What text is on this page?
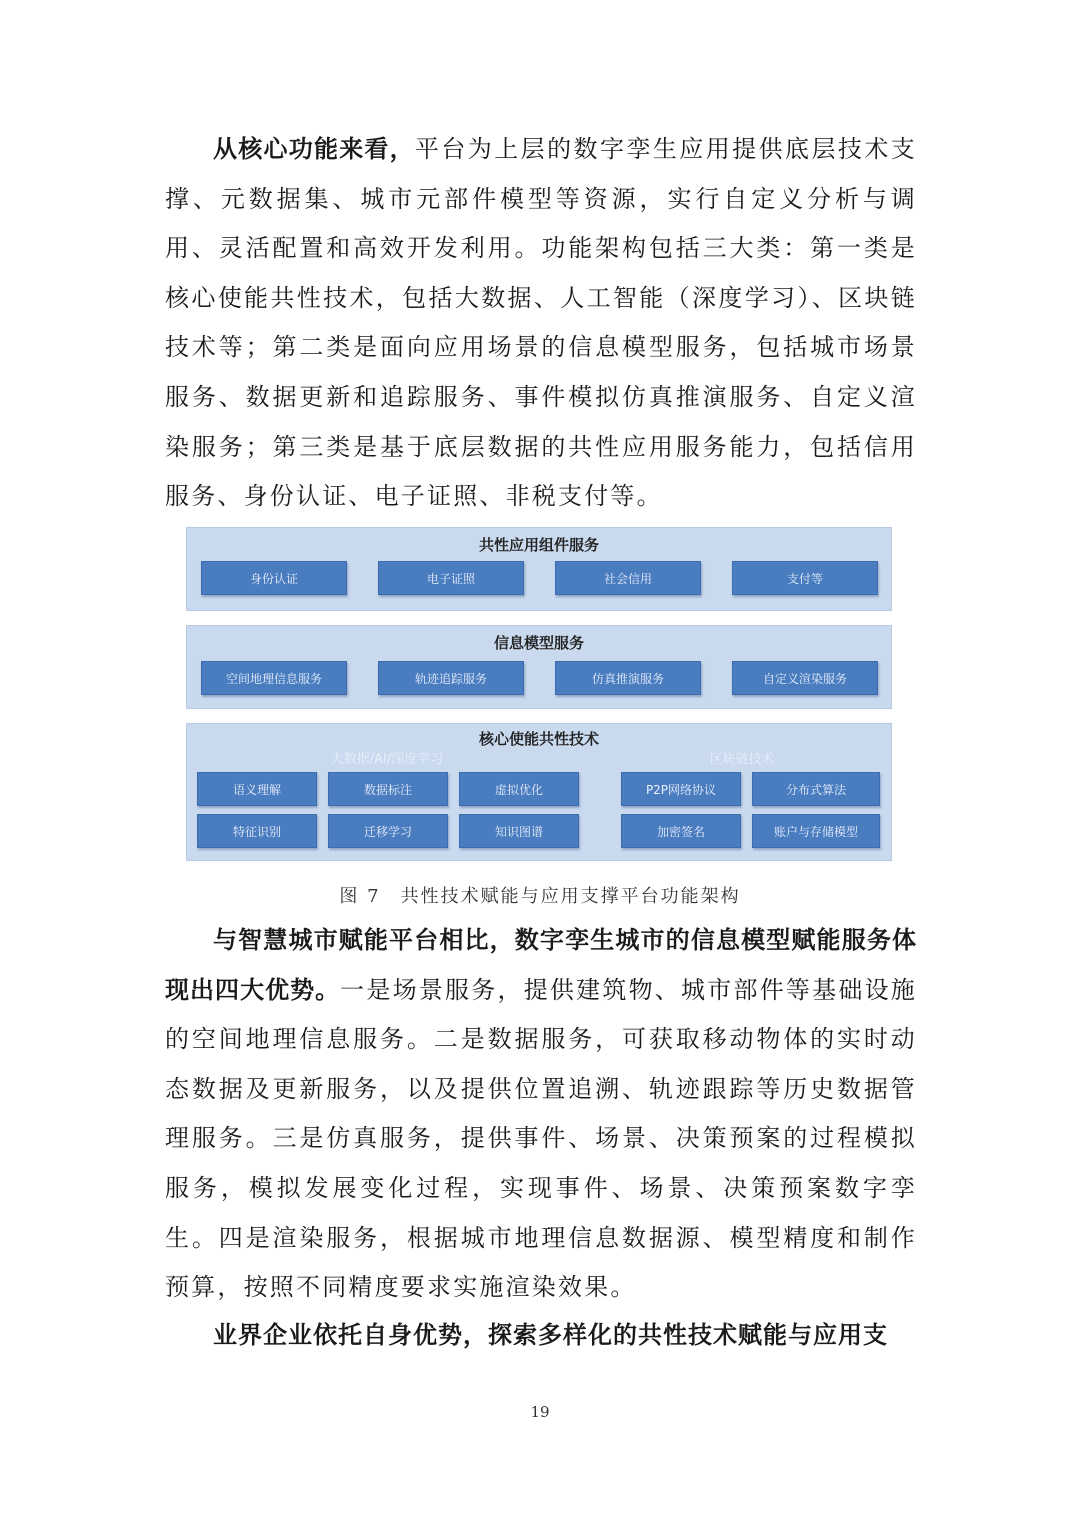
从核心功能来看，平台为上层的数字孪生应用提供底层技术支撑、元数据集、城市元部件模型等资源，实行自定义分析与调用、灵活配置和高效开发利用。功能架构包括三大类：第一类是核心使能共性技术，包括大数据、人工智能（深度学习）、区块链技术等；第二类是面向应用场景的信息模型服务，包括城市场景服务、数据更新和追踪服务、事件模拟仿真推演服务、自定义渲染服务；第三类是基于底层数据的共性应用服务能力，包括信用服务、身份认证、电子证照、非税支付等。

共性应用组件服务
身份认证	电子证照	社会信用	支付等
信息模型服务
空间地理信息服务	轨迹追踪服务	仿真推演服务	自定义渲染服务
核心使能共性技术
大数据/AI/深度学习	区块链技术
语义理解	数据标注	虚拟优化
特征识别	迁移学习	知识图谱
P2P网络协议	分布式算法
加密签名	账户与存储模型
图 7　共性技术赋能与应用支撑平台功能架构

与智慧城市赋能平台相比，数字孪生城市的信息模型赋能服务体现出四大优势。一是场景服务，提供建筑物、城市部件等基础设施的空间地理信息服务。二是数据服务，可获取移动物体的实时动态数据及更新服务，以及提供位置追溯、轨迹跟踪等历史数据管理服务。三是仿真服务，提供事件、场景、决策预案的过程模拟服务，模拟发展变化过程，实现事件、场景、决策预案数字孪生。四是渲染服务，根据城市地理信息数据源、模型精度和制作预算，按照不同精度要求实施渲染效果。

业界企业依托自身优势，探索多样化的共性技术赋能与应用支

19
